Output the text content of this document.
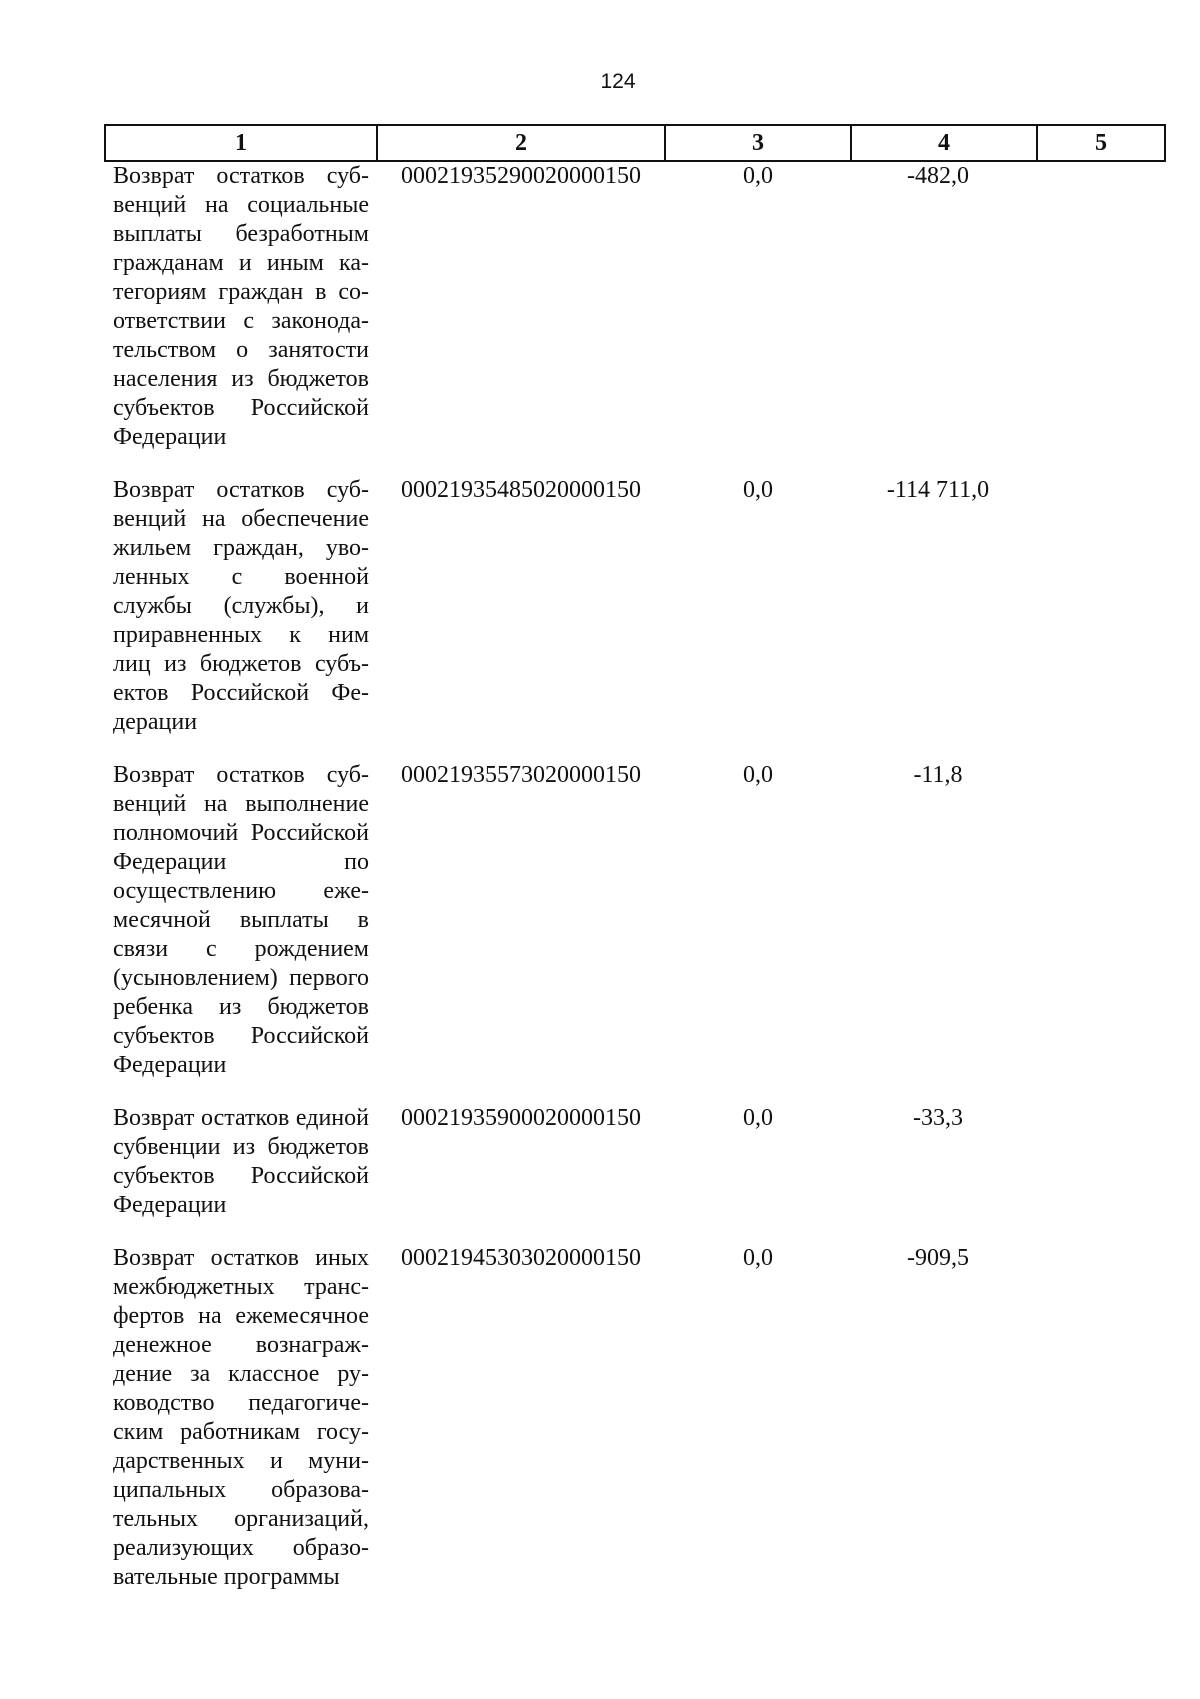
124
1	2	3	4	5
Возврат остатков субвенций на социальные выплаты безработным гражданам и иным категориям граждан в соответствии с законодательством о занятости населения из бюджетов субъектов Российской Федерации	00021935290020000150	0,0	-482,0	
Возврат остатков субвенций на обеспечение жильем граждан, уволенных с военной службы (службы), и приравненных к ним лиц из бюджетов субъектов Российской Федерации	00021935485020000150	0,0	-114 711,0	
Возврат остатков субвенций на выполнение полномочий Российской Федерации по осуществлению ежемесячной выплаты в связи с рождением (усыновлением) первого ребенка из бюджетов субъектов Российской Федерации	00021935573020000150	0,0	-11,8	
Возврат остатков единой субвенции из бюджетов субъектов Российской Федерации	00021935900020000150	0,0	-33,3	
Возврат остатков иных межбюджетных трансфертов на ежемесячное денежное вознаграждение за классное руководство педагогическим работникам государственных и муниципальных образовательных организаций, реализующих образовательные программы	00021945303020000150	0,0	-909,5	
